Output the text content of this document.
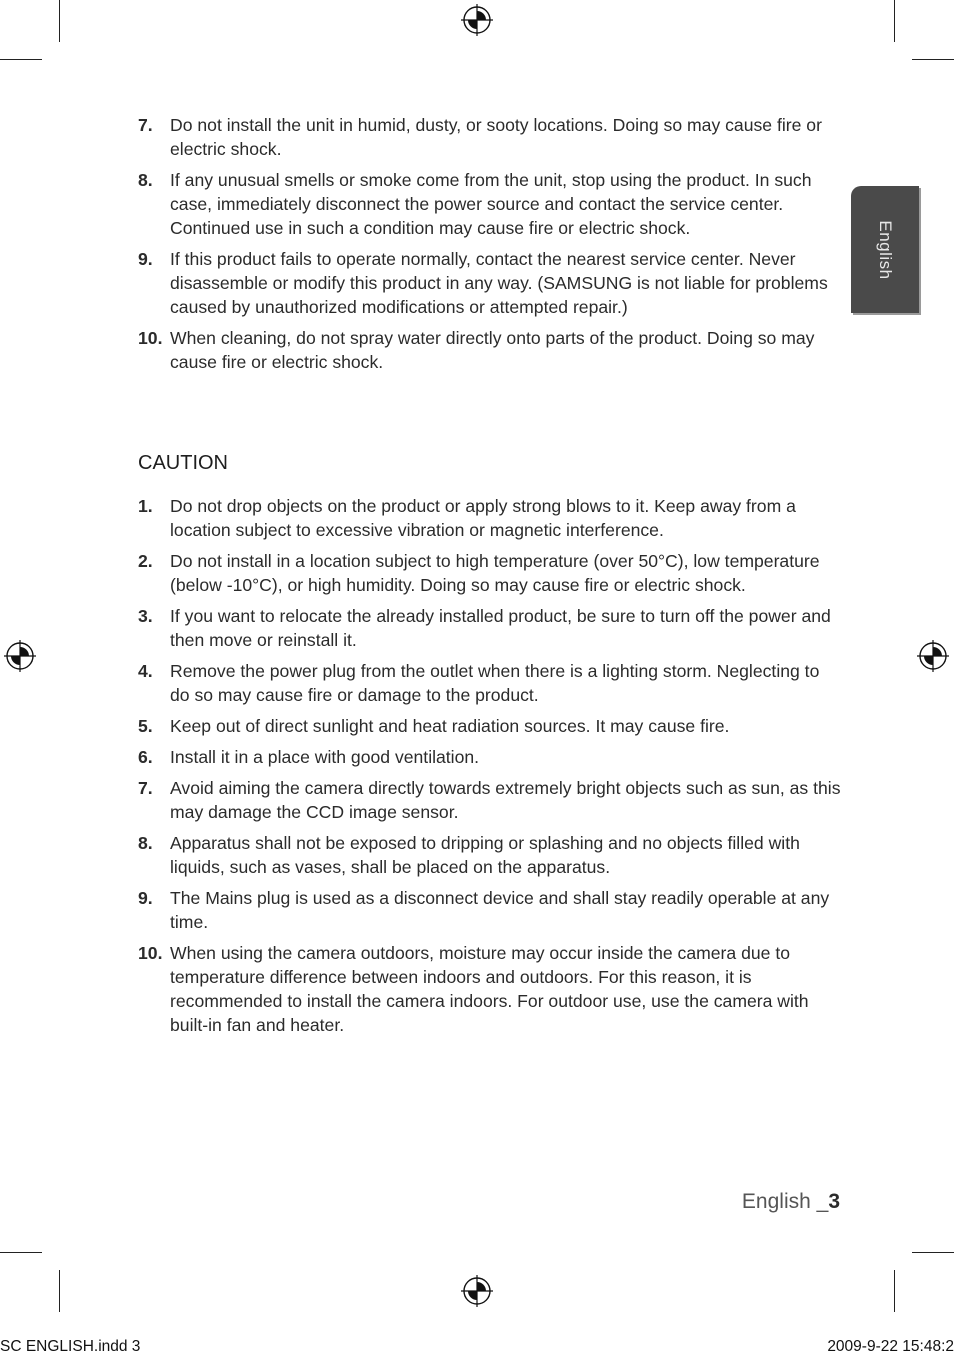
English
7. Do not install the unit in humid, dusty, or sooty locations. Doing so may cause fire or electric shock.
8. If any unusual smells or smoke come from the unit, stop using the product. In such case, immediately disconnect the power source and contact the service center. Continued use in such a condition may cause fire or electric shock.
9. If this product fails to operate normally, contact the nearest service center. Never disassemble or modify this product in any way. (SAMSUNG is not liable for problems caused by unauthorized modifications or attempted repair.)
10. When cleaning, do not spray water directly onto parts of the product. Doing so may cause fire or electric shock.
CAUTION
1. Do not drop objects on the product or apply strong blows to it. Keep away from a location subject to excessive vibration or magnetic interference.
2. Do not install in a location subject to high temperature (over 50°C), low temperature (below -10°C), or high humidity. Doing so may cause fire or electric shock.
3. If you want to relocate the already installed product, be sure to turn off the power and then move or reinstall it.
4. Remove the power plug from the outlet when there is a lighting storm. Neglecting to do so may cause fire or damage to the product.
5. Keep out of direct sunlight and heat radiation sources. It may cause fire.
6. Install it in a place with good ventilation.
7. Avoid aiming the camera directly towards extremely bright objects such as sun, as this may damage the CCD image sensor.
8. Apparatus shall not be exposed to dripping or splashing and no objects filled with liquids, such as vases, shall be placed on the apparatus.
9. The Mains plug is used as a disconnect device and shall stay readily operable at any time.
10. When using the camera outdoors, moisture may occur inside the camera due to temperature difference between indoors and outdoors. For this reason, it is recommended to install the camera indoors. For outdoor use, use the camera with built-in fan and heater.
English _3
SC ENGLISH.indd 3	2009-9-22 15:48:2
